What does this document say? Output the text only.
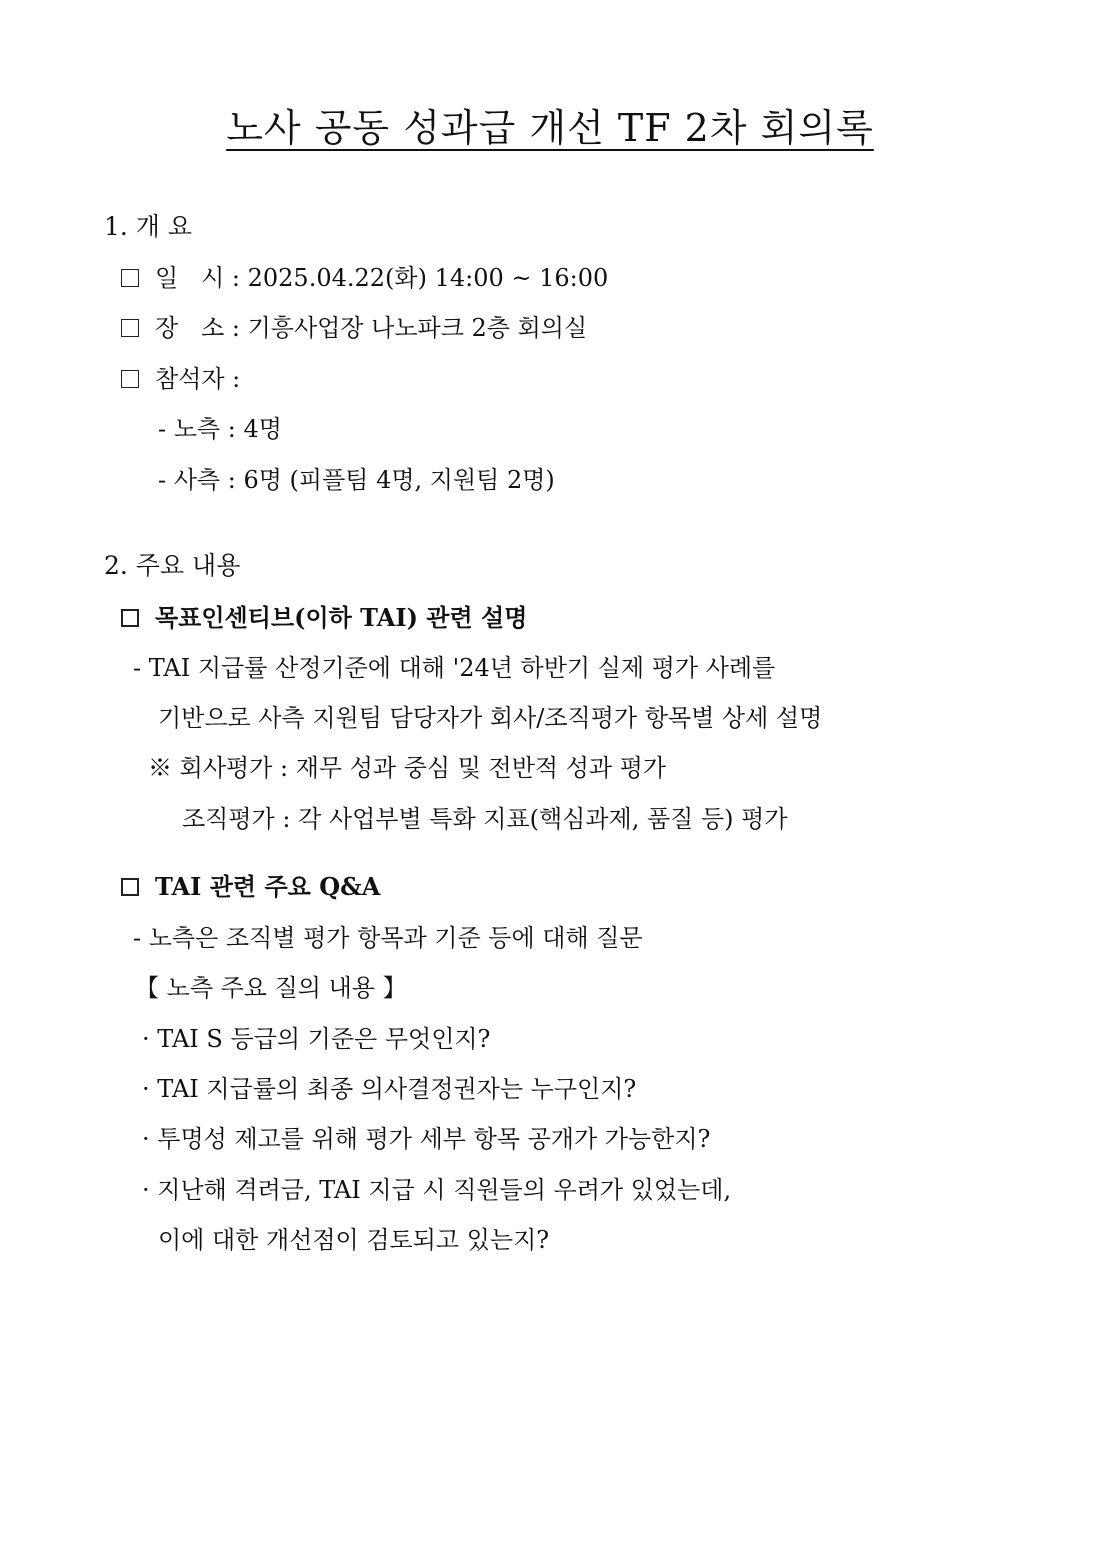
노사 공동 성과급 개선 TF 2차 회의록
1. 개 요
일   시 : 2025.04.22(화) 14:00 ~ 16:00
장   소 : 기흥사업장 나노파크 2층 회의실
참석자 :
- 노측 : 4명
- 사측 : 6명 (피플팀 4명, 지원팀 2명)
2. 주요 내용
목표인센티브(이하 TAI) 관련 설명
- TAI 지급률 산정기준에 대해 '24년 하반기 실제 평가 사례를
기반으로 사측 지원팀 담당자가 회사/조직평가 항목별 상세 설명
※ 회사평가 : 재무 성과 중심 및 전반적 성과 평가
조직평가 : 각 사업부별 특화 지표(핵심과제, 품질 등) 평가
TAI 관련 주요 Q&A
- 노측은 조직별 평가 항목과 기준 등에 대해 질문
【 노측 주요 질의 내용 】
· TAI S 등급의 기준은 무엇인지?
· TAI 지급률의 최종 의사결정권자는 누구인지?
· 투명성 제고를 위해 평가 세부 항목 공개가 가능한지?
· 지난해 격려금, TAI 지급 시 직원들의 우려가 있었는데,
이에 대한 개선점이 검토되고 있는지?
